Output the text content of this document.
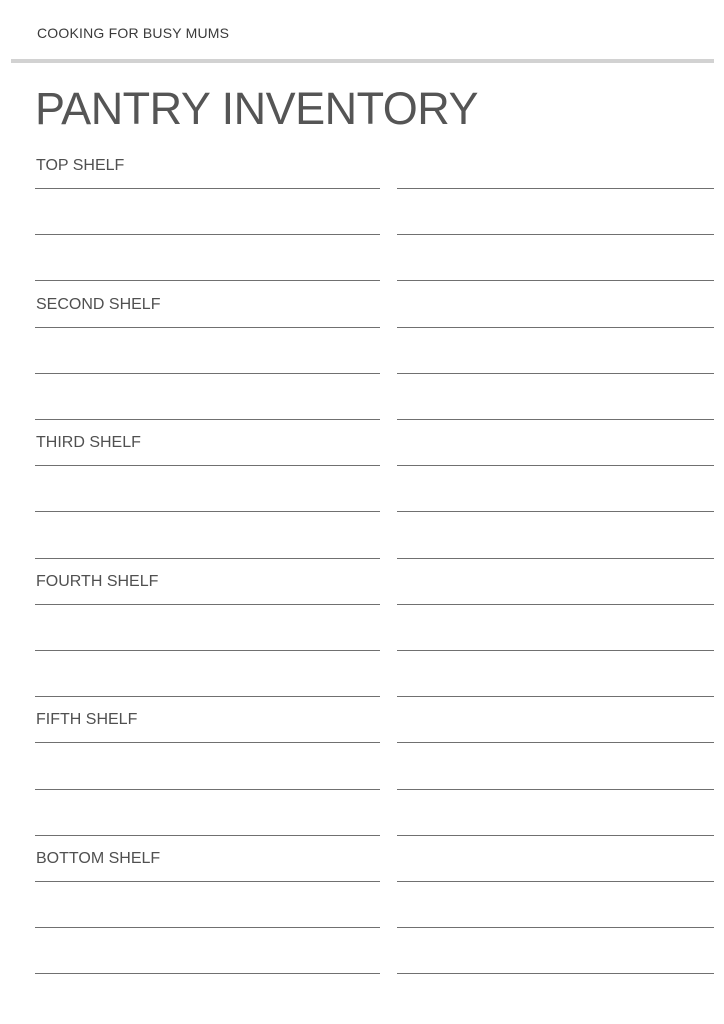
COOKING FOR BUSY MUMS
PANTRY INVENTORY
TOP SHELF
SECOND SHELF
THIRD SHELF
FOURTH SHELF
FIFTH SHELF
BOTTOM SHELF
